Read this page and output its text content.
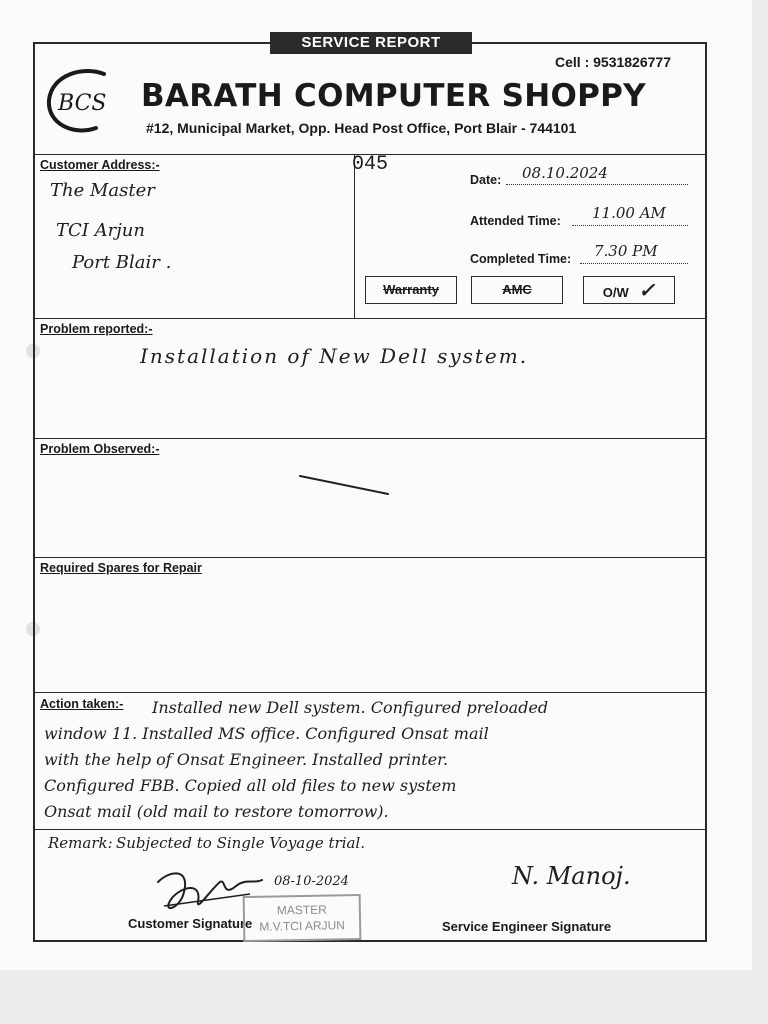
SERVICE REPORT
Cell : 9531826777
BCS BARATH COMPUTER SHOPPY
#12, Municipal Market, Opp. Head Post Office, Port Blair - 744101
Customer Address:-
The Master
TCI Arjun
Port Blair .
045
Date: 08.10.2024
Attended Time: 11.00 AM
Completed Time: 7.30 PM
Warranty	AMC	O/W ✓
Problem reported:-
Installation of New Dell system.
Problem Observed:-
Required Spares for Repair
Action taken:- Installed new Dell system. Configured preloaded
window 11. Installed MS office. Configured Onsat mail
with the help of Onsat Engineer. Installed printer.
Configured FBB. Copied all old files to new system
Onsat mail (old mail to restore tomorrow).
Remark: Subjected to Single Voyage trial.
08-10-2024
Customer Signature
MASTER
M.V.TCI ARJUN
N. Manoj.
Service Engineer Signature
